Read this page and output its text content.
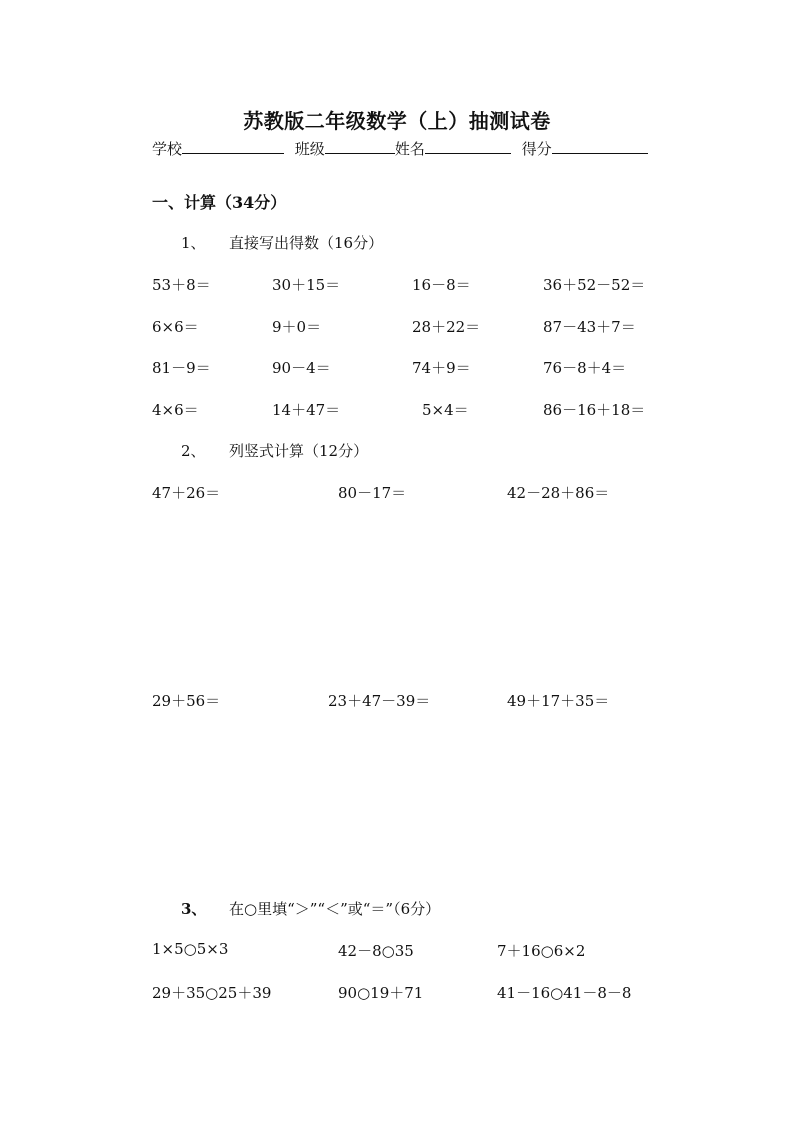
苏教版二年级数学（上）抽测试卷
学校	班级	姓名	得分
一、计算（34分）
1、 直接写出得数（16分）
53＋8＝	30＋15＝	16－8＝	36＋52－52＝
6×6＝	9＋0＝	28＋22＝	87－43＋7＝
81－9＝	90－4＝	74＋9＝	76－8＋4＝
4×6＝	14＋47＝	5×4＝	86－16＋18＝
2、 列竖式计算（12分）
47＋26＝	80－17＝	42－28＋86＝
29＋56＝	23＋47－39＝	49＋17＋35＝
3、 在○里填“＞”“＜”或“＝”（6分）
1×5○5×3	42－8○35	7＋16○6×2
29＋35○25＋39	90○19＋71	41－16○41－8－8
